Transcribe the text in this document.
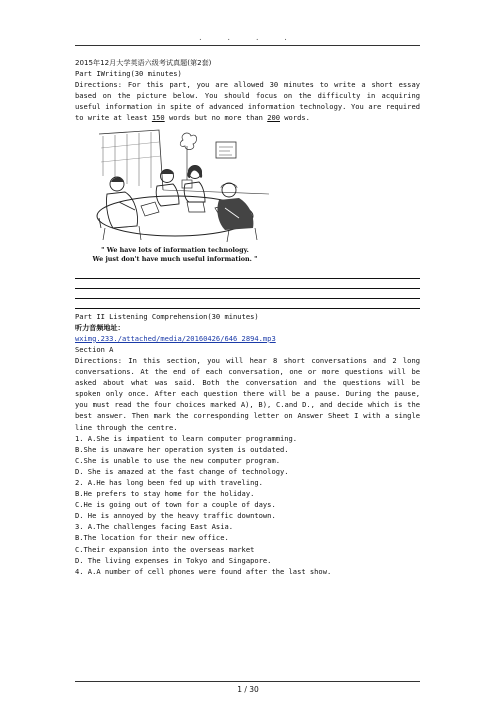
. . . .

2015年12月大学英语六级考试真题(第2套)

Part IWriting(30 minutes)

Directions: For this part, you are allowed 30 minutes to write a short essay based on the picture below. You should focus on the difficulty in acquiring useful information in spite of advanced information technology. You are required to write at least 150 words but no more than 200 words.

" We have lots of information technology.
We just don't have much useful information. "

Part II Listening Comprehension(30 minutes)

听力音频地址：

wximg.233./attached/media/20160426/646_2894.mp3

Section A

Directions: In this section, you will hear 8 short conversations and 2 long conversations. At the end of each conversation, one or more questions will be asked about what was said. Both the conversation and the questions will be spoken only once. After each question there will be a pause. During the pause, you must read the four choices marked A), B), C.and D., and decide which is the best answer. Then mark the corresponding letter on Answer Sheet I with a single line through the centre.

1. A.She is impatient to learn computer programming.

B.She is unaware her operation system is outdated.

C.She is unable to use the new computer program.

D. She is amazed at the fast change of technology.

2. A.He has long been fed up with traveling.

B.He prefers to stay home for the holiday.

C.He is going out of town for a couple of days.

D. He is annoyed by the heavy traffic downtown.

3. A.The challenges facing East Asia.

B.The location for their new office.

C.Their expansion into the overseas market

D. The living expenses in Tokyo and Singapore.

4. A.A number of cell phones were found after the last show.

1 / 30
